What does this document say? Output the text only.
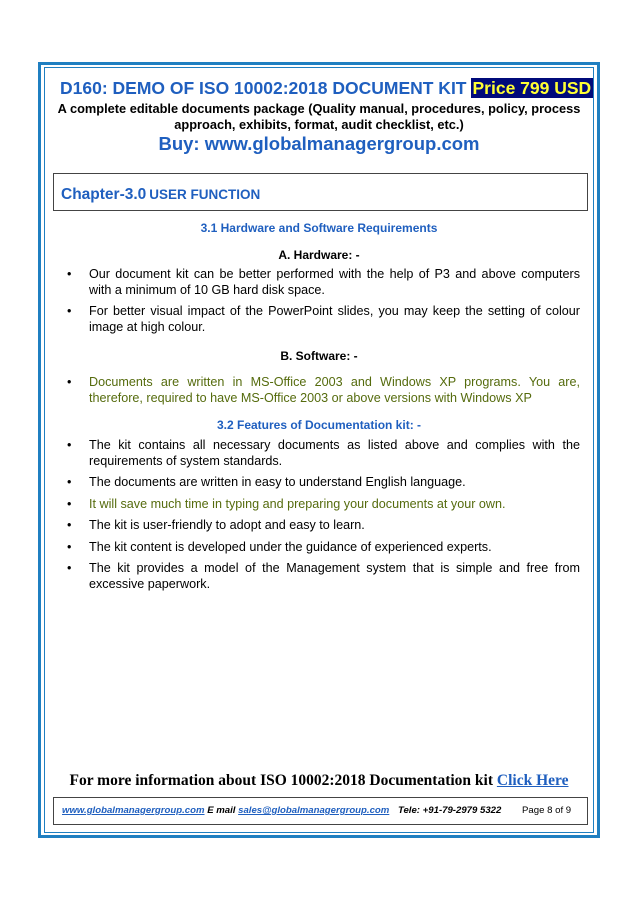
D160: DEMO OF ISO 10002:2018 DOCUMENT KIT Price 799 USD
A complete editable documents package (Quality manual, procedures, policy, process approach, exhibits, format, audit checklist, etc.)
Buy: www.globalmanagergroup.com
Chapter-3.0 USER FUNCTION
3.1 Hardware and Software Requirements
A. Hardware: -
• Our document kit can be better performed with the help of P3 and above computers with a minimum of 10 GB hard disk space.
• For better visual impact of the PowerPoint slides, you may keep the setting of colour image at high colour.
B. Software: -
• Documents are written in MS-Office 2003 and Windows XP programs. You are, therefore, required to have MS-Office 2003 or above versions with Windows XP
3.2 Features of Documentation kit: -
• The kit contains all necessary documents as listed above and complies with the requirements of system standards.
• The documents are written in easy to understand English language.
• It will save much time in typing and preparing your documents at your own.
• The kit is user-friendly to adopt and easy to learn.
• The kit content is developed under the guidance of experienced experts.
• The kit provides a model of the Management system that is simple and free from excessive paperwork.
For more information about ISO 10002:2018 Documentation kit Click Here
www.globalmanagergroup.com E mail sales@globalmanagergroup.com Tele: +91-79-2979 5322 Page 8 of 9
